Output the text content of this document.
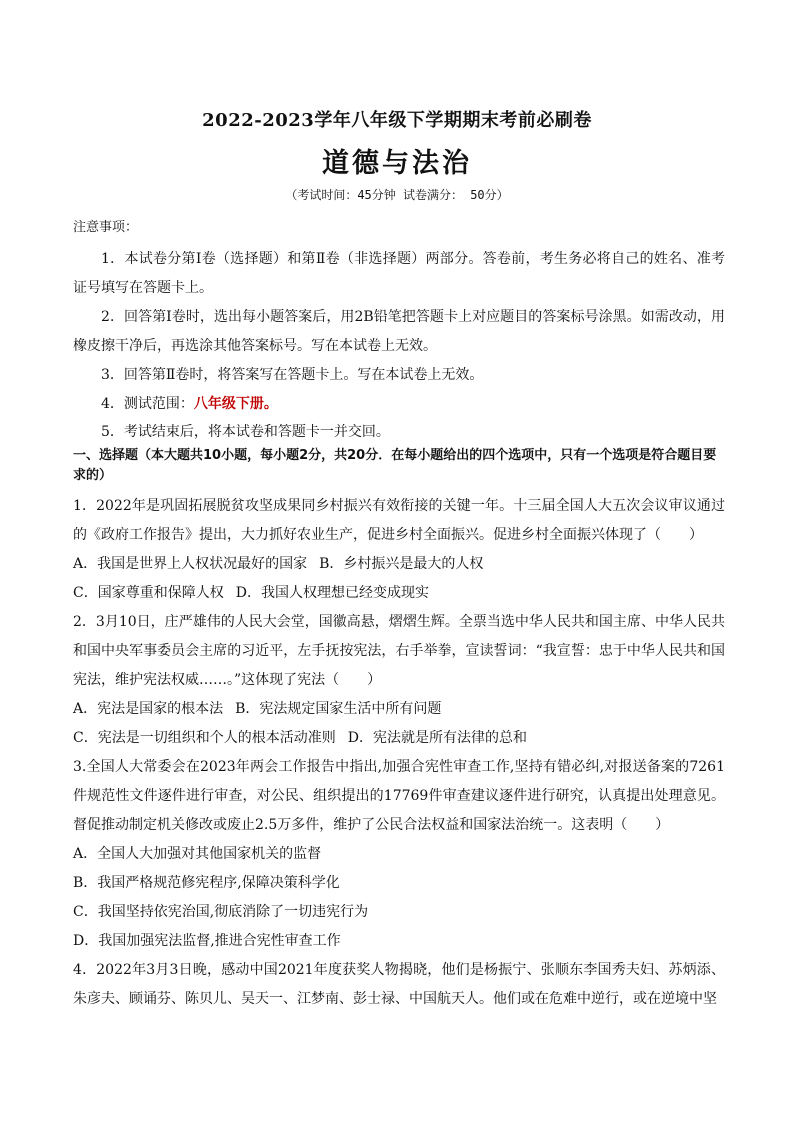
2022-2023学年八年级下学期期末考前必刷卷
道德与法治
（考试时间：45分钟 试卷满分： 50分）
注意事项：
1．本试卷分第Ⅰ卷（选择题）和第Ⅱ卷（非选择题）两部分。答卷前，考生务必将自己的姓名、准考证号填写在答题卡上。
2．回答第Ⅰ卷时，选出每小题答案后，用2B铅笔把答题卡上对应题目的答案标号涂黑。如需改动，用橡皮擦干净后，再选涂其他答案标号。写在本试卷上无效。
3．回答第Ⅱ卷时，将答案写在答题卡上。写在本试卷上无效。
4．测试范围：八年级下册。
5．考试结束后，将本试卷和答题卡一并交回。
一、选择题（本大题共10小题，每小题2分，共20分．在每小题给出的四个选项中，只有一个选项是符合题目要求的）
1．2022年是巩固拓展脱贫攻坚成果同乡村振兴有效衔接的关键一年。十三届全国人大五次会议审议通过的《政府工作报告》提出，大力抓好农业生产，促进乡村全面振兴。促进乡村全面振兴体现了（　　）
A．我国是世界上人权状况最好的国家 B．乡村振兴是最大的人权
C．国家尊重和保障人权 D．我国人权理想已经变成现实
2．3月10日，庄严雄伟的人民大会堂，国徽高悬，熠熠生辉。全票当选中华人民共和国主席、中华人民共和国中央军事委员会主席的习近平，左手抚按宪法，右手举拳，宣读誓词：“我宣誓：忠于中华人民共和国宪法，维护宪法权威……。”这体现了宪法（　　）
A．宪法是国家的根本法 B．宪法规定国家生活中所有问题
C．宪法是一切组织和个人的根本活动准则 D．宪法就是所有法律的总和
3.全国人大常委会在2023年两会工作报告中指出,加强合宪性审查工作,坚持有错必纠,对报送备案的7261件规范性文件逐件进行审查，对公民、组织提出的17769件审查建议逐件进行研究，认真提出处理意见。督促推动制定机关修改或废止2.5万多件，维护了公民合法权益和国家法治统一。这表明（　　）
A．全国人大加强对其他国家机关的监督
B．我国严格规范修宪程序,保障决策科学化
C．我国坚持依宪治国,彻底消除了一切违宪行为
D．我国加强宪法监督,推进合宪性审查工作
4．2022年3月3日晚，感动中国2021年度获奖人物揭晓，他们是杨振宁、张顺东李国秀夫妇、苏炳添、朱彦夫、顾诵芬、陈贝儿、吴天一、江梦南、彭士禄、中国航天人。他们或在危难中逆行，或在逆境中坚
